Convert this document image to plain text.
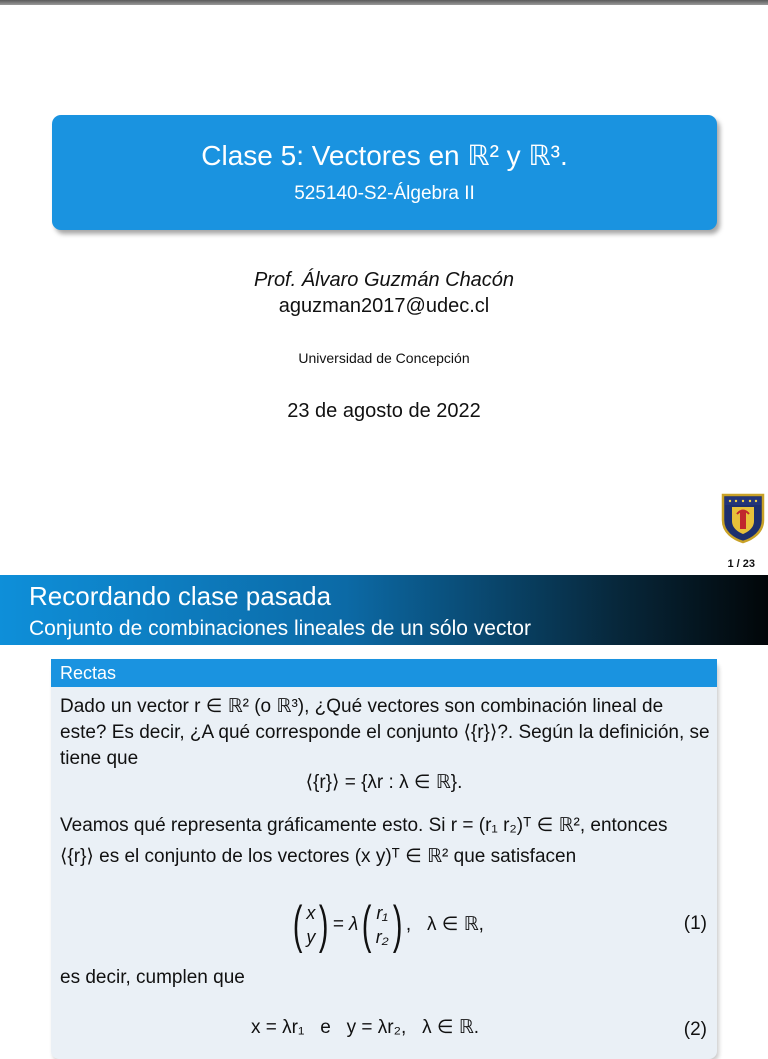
Clase 5: Vectores en ℝ² y ℝ³.
525140-S2-Álgebra II
Prof. Álvaro Guzmán Chacón
aguzman2017@udec.cl
Universidad de Concepción
23 de agosto de 2022
1 / 23
Recordando clase pasada
Conjunto de combinaciones lineales de un sólo vector
Rectas
Dado un vector r ∈ ℝ² (o ℝ³), ¿Qué vectores son combinación lineal de este? Es decir, ¿A qué corresponde el conjunto ⟨{r}⟩?. Según la definición, se tiene que
⟨{r}⟩ = {λr : λ ∈ ℝ}.
Veamos qué representa gráficamente esto. Si r = (r₁ r₂)ᵀ ∈ ℝ², entonces
⟨{r}⟩ es el conjunto de los vectores (x y)ᵀ ∈ ℝ² que satisfacen
( x
y ) = λ ( r₁
r₂ ) ,   λ ∈ ℝ,	(1)
es decir, cumplen que
x = λr₁   e   y = λr₂,   λ ∈ ℝ.	(2)
